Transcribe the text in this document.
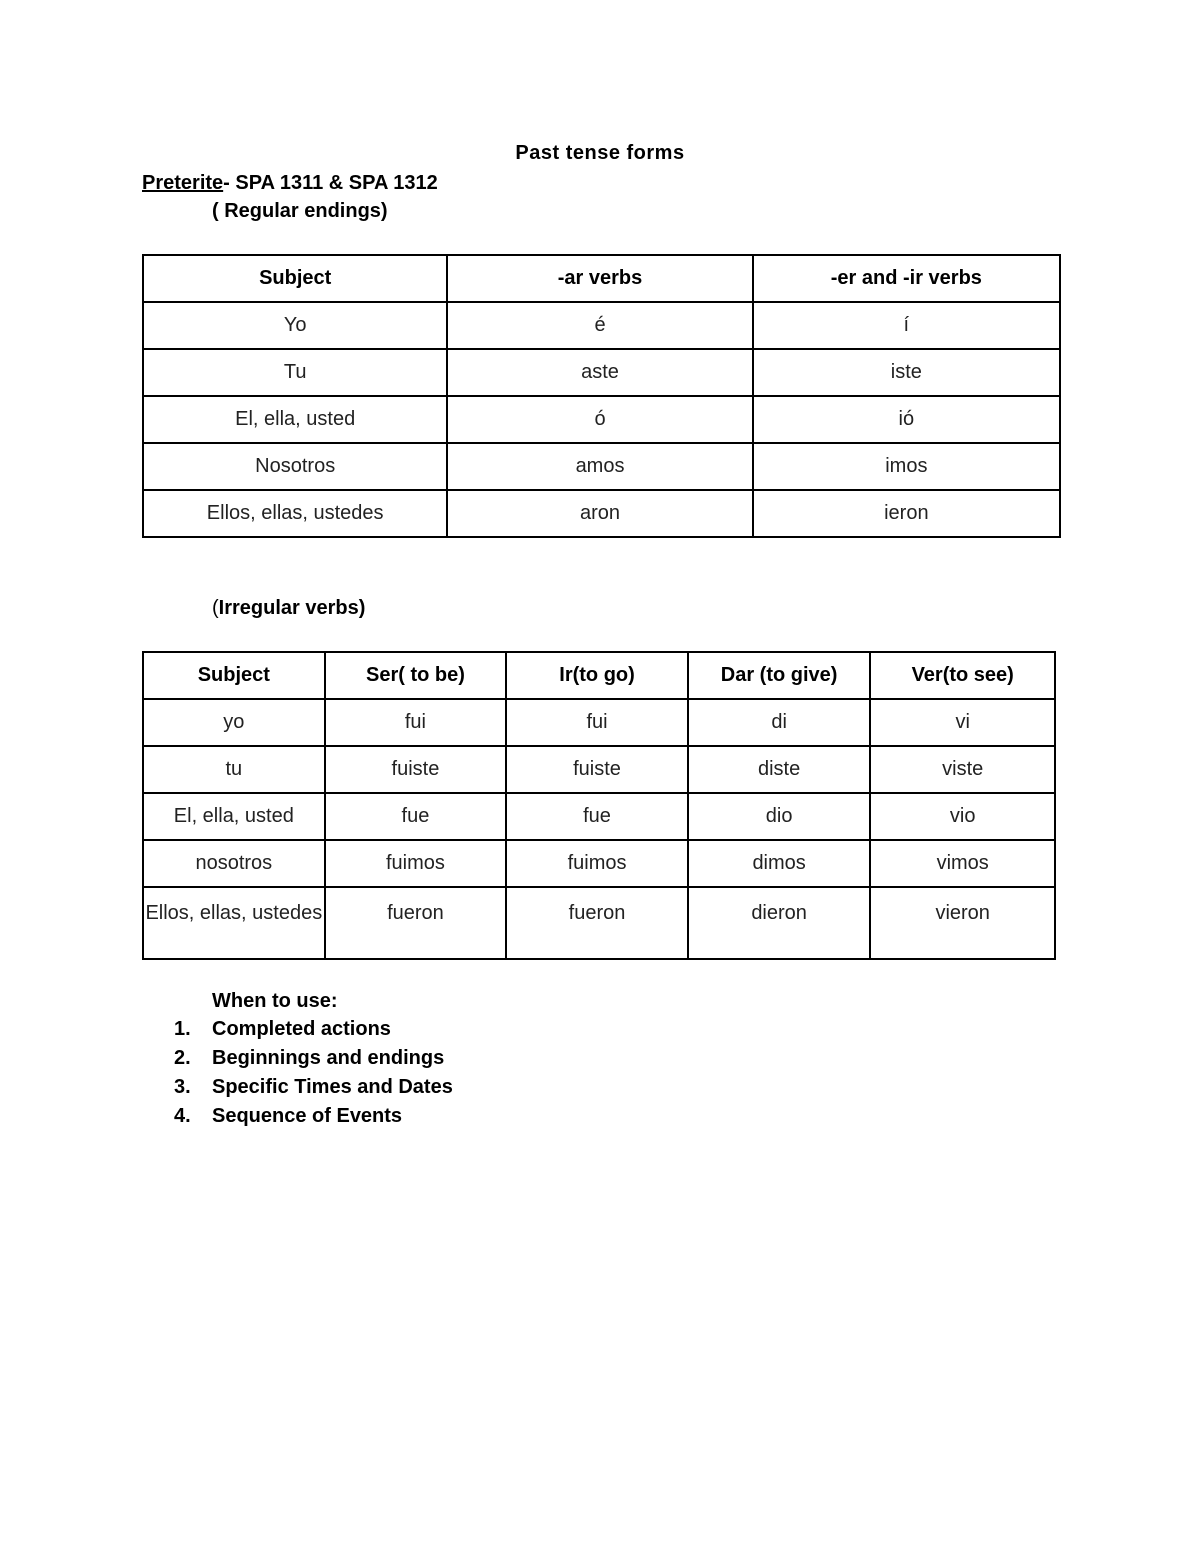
Past tense forms
Preterite- SPA 1311 & SPA 1312
( Regular endings)
Subject	-ar verbs	-er and -ir verbs
Yo	é	í
Tu	aste	iste
El, ella, usted	ó	ió
Nosotros	amos	imos
Ellos, ellas, ustedes	aron	ieron
(Irregular verbs)
Subject	Ser( to be)	Ir(to go)	Dar (to give)	Ver(to see)
yo	fui	fui	di	vi
tu	fuiste	fuiste	diste	viste
El, ella, usted	fue	fue	dio	vio
nosotros	fuimos	fuimos	dimos	vimos
Ellos, ellas, ustedes	fueron	fueron	dieron	vieron
When to use:
1. Completed actions
2. Beginnings and endings
3. Specific Times and Dates
4. Sequence of Events
